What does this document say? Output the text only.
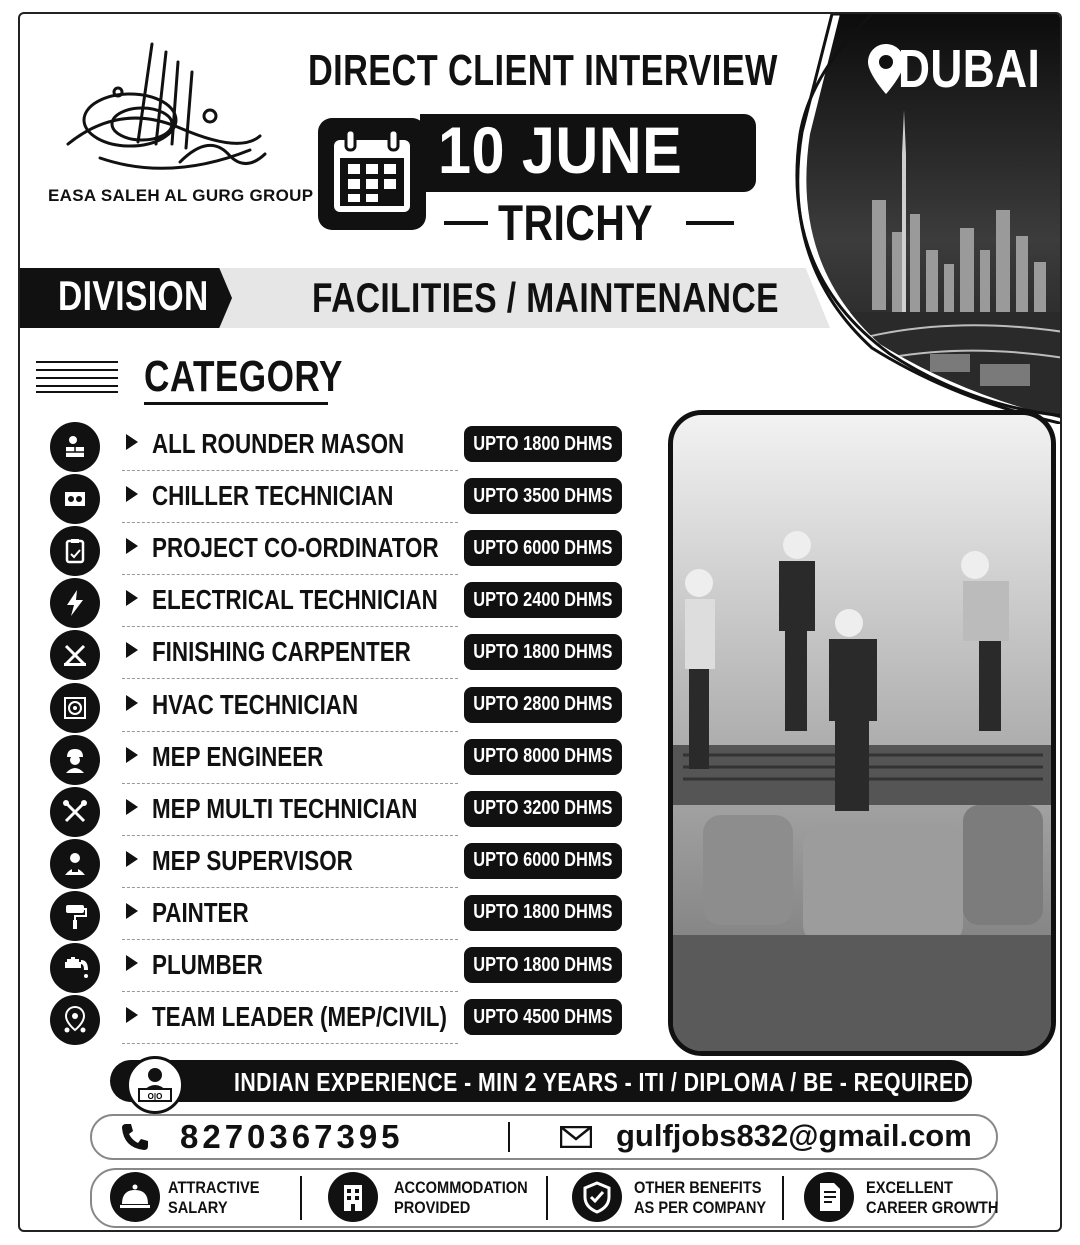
EASA SALEH AL GURG GROUP
DIRECT CLIENT INTERVIEW
10 JUNE
TRICHY
DUBAI
DIVISION FACILITIES / MAINTENANCE
CATEGORY
ALL ROUNDER MASON	UPTO 1800 DHMS
CHILLER TECHNICIAN	UPTO 3500 DHMS
PROJECT CO-ORDINATOR UPTO 6000 DHMS
ELECTRICAL TECHNICIAN UPTO 2400 DHMS
FINISHING CARPENTER	UPTO 1800 DHMS
HVAC TECHNICIAN	UPTO 2800 DHMS
MEP ENGINEER	UPTO 8000 DHMS
MEP MULTI TECHNICIAN	UPTO 3200 DHMS
MEP SUPERVISOR	UPTO 6000 DHMS
PAINTER	UPTO 1800 DHMS
PLUMBER	UPTO 1800 DHMS
TEAM LEADER (MEP/CIVIL) UPTO 4500 DHMS
O|O	INDIAN EXPERIENCE - MIN 2 YEARS - ITI / DIPLOMA / BE - REQUIRED
8270367395	gulfjobs832@gmail.com
ATTRACTIVE
SALARY
ACCOMMODATION
PROVIDED
OTHER BENEFITS
AS PER COMPANY
EXCELLENT
CAREER GROWTH
